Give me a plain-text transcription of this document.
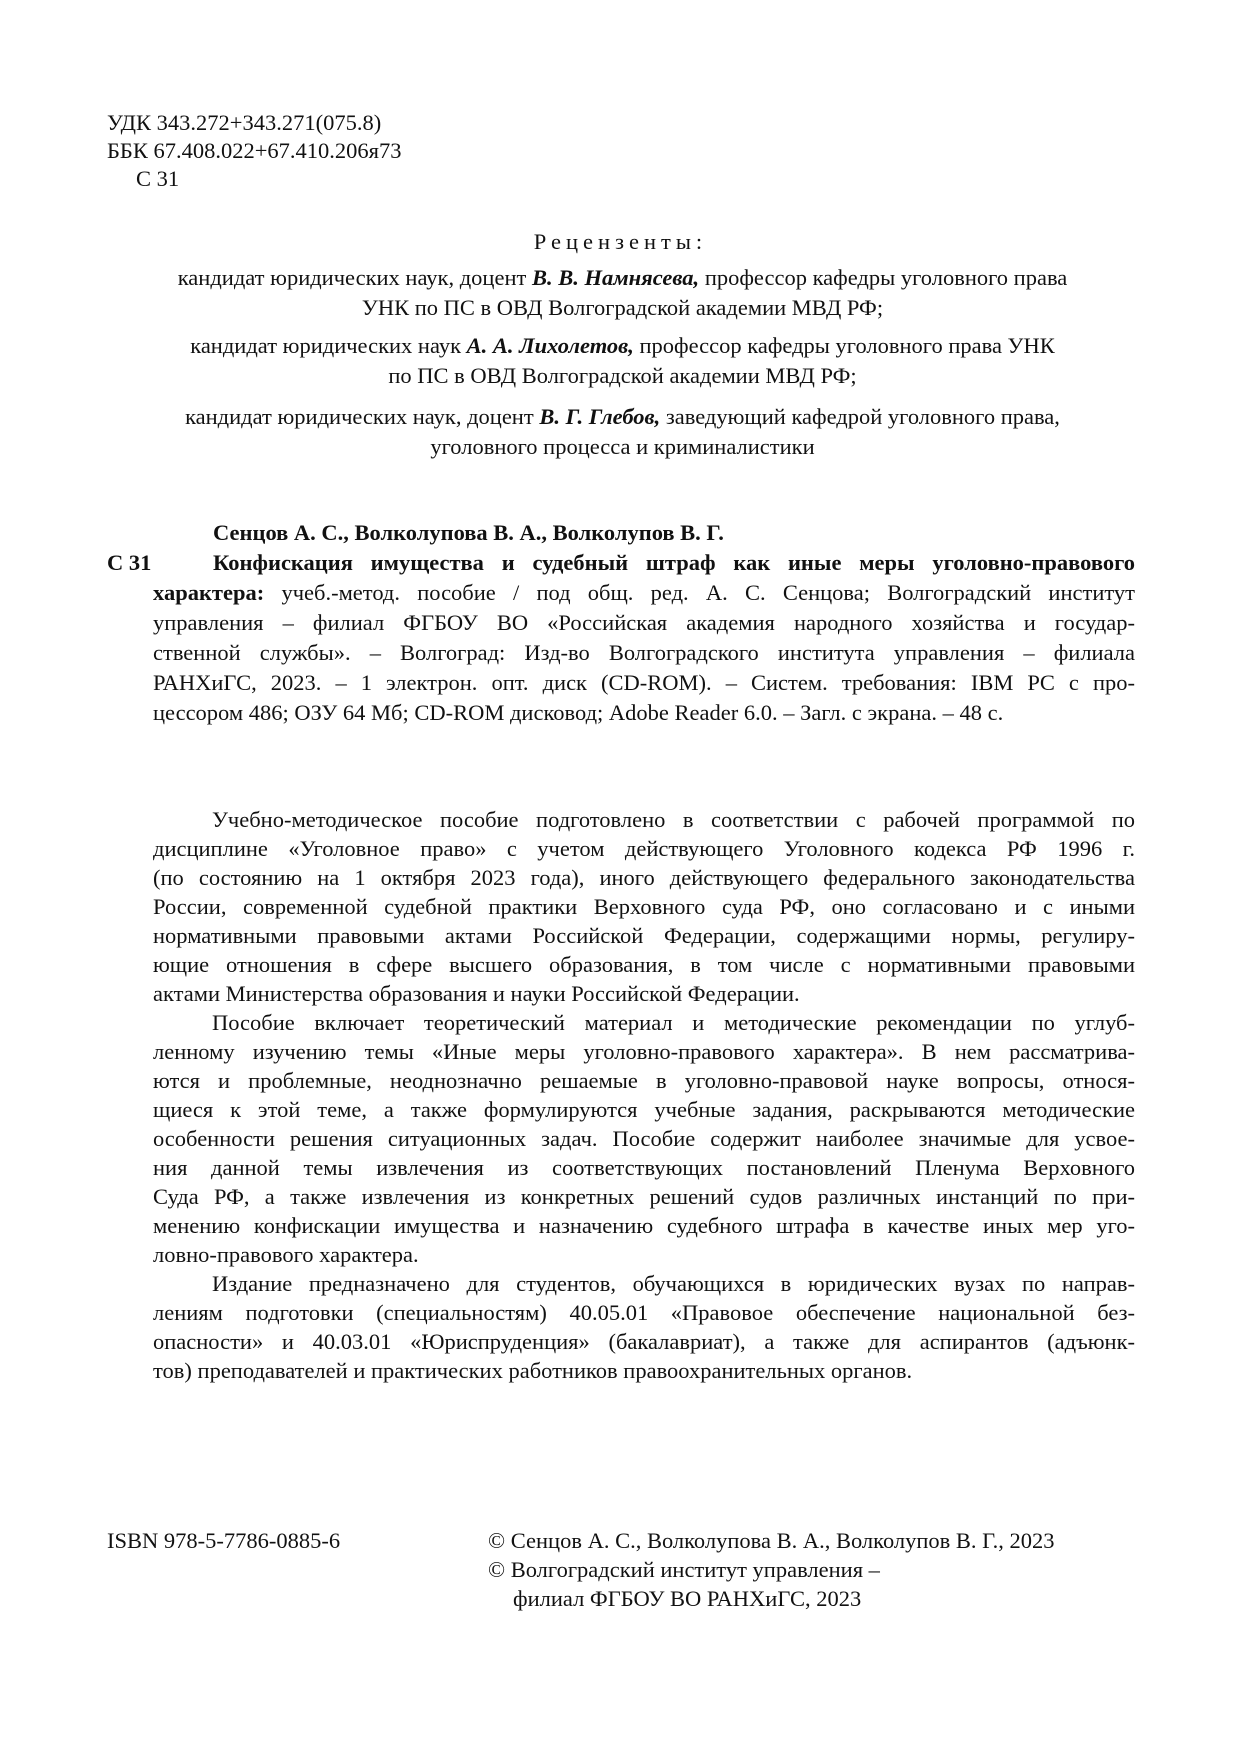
УДК 343.272+343.271(075.8)
ББК 67.408.022+67.410.206я73
С 31
Рецензенты:
кандидат юридических наук, доцент В. В. Намнясева, профессор кафедры уголовного права
УНК по ПС в ОВД Волгоградской академии МВД РФ;
кандидат юридических наук А. А. Лихолетов, профессор кафедры уголовного права УНК
по ПС в ОВД Волгоградской академии МВД РФ;
кандидат юридических наук, доцент В. Г. Глебов, заведующий кафедрой уголовного права,
уголовного процесса и криминалистики
Сенцов А. С., Волколупова В. А., Волколупов В. Г.
С 31	Конфискация имущества и судебный штраф как иные меры уголовно-правового
характера: учеб.-метод. пособие / под общ. ред. А. С. Сенцова; Волгоградский институт
управления – филиал ФГБОУ ВО «Российская академия народного хозяйства и государ-
ственной службы». – Волгоград: Изд-во Волгоградского института управления – филиала
РАНХиГС, 2023. – 1 электрон. опт. диск (CD-ROM). – Систем. требования: IBM PC с про-
цессором 486; ОЗУ 64 Мб; CD-ROM дисковод; Adobe Reader 6.0. – Загл. с экрана. – 48 с.
Учебно-методическое пособие подготовлено в соответствии с рабочей программой по
дисциплине «Уголовное право» с учетом действующего Уголовного кодекса РФ 1996 г.
(по состоянию на 1 октября 2023 года), иного действующего федерального законодательства
России, современной судебной практики Верховного суда РФ, оно согласовано и с иными
нормативными правовыми актами Российской Федерации, содержащими нормы, регулиру-
ющие отношения в сфере высшего образования, в том числе с нормативными правовыми
актами Министерства образования и науки Российской Федерации.
Пособие включает теоретический материал и методические рекомендации по углуб-
ленному изучению темы «Иные меры уголовно-правового характера». В нем рассматрива-
ются и проблемные, неоднозначно решаемые в уголовно-правовой науке вопросы, относя-
щиеся к этой теме, а также формулируются учебные задания, раскрываются методические
особенности решения ситуационных задач. Пособие содержит наиболее значимые для усвое-
ния данной темы извлечения из соответствующих постановлений Пленума Верховного
Суда РФ, а также извлечения из конкретных решений судов различных инстанций по при-
менению конфискации имущества и назначению судебного штрафа в качестве иных мер уго-
ловно-правового характера.
Издание предназначено для студентов, обучающихся в юридических вузах по направ-
лениям подготовки (специальностям) 40.05.01 «Правовое обеспечение национальной без-
опасности» и 40.03.01 «Юриспруденция» (бакалавриат), а также для аспирантов (адъюнк-
тов) преподавателей и практических работников правоохранительных органов.
ISBN 978-5-7786-0885-6	© Сенцов А. С., Волколупова В. А., Волколупов В. Г., 2023
© Волгоградский институт управления –
филиал ФГБОУ ВО РАНХиГС, 2023
